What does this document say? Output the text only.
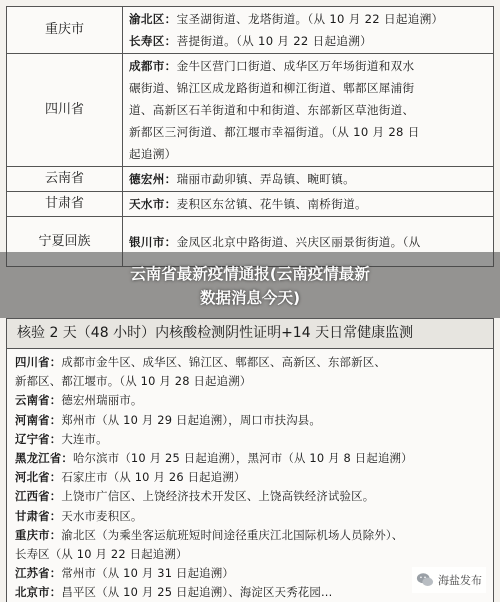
重庆市	渝北区：宝圣湖街道、龙塔街道。（从 10 月 22 日起追溯）
长寿区：菩提街道。（从 10 月 22 日起追溯）

四川省	成都市：金牛区营门口街道、成华区万年场街道和双水
碾街道、锦江区成龙路街道和柳江街道、郫都区犀浦街
道、高新区石羊街道和中和街道、东部新区草池街道、
新都区三河街道、都江堰市幸福街道。（从 10 月 28 日
起追溯）

云南省	德宏州：瑞丽市勐卯镇、弄岛镇、畹町镇。

甘肃省	天水市：麦积区东岔镇、花牛镇、南桥街道。

宁夏回族	银川市：金凤区北京中路街道、兴庆区丽景街街道。（从
核验 2 天（48 小时）内核酸检测阴性证明+14 天日常健康监测
四川省：成都市金牛区、成华区、锦江区、郫都区、高新区、东部新区、
新都区、都江堰市。（从 10 月 28 日起追溯）
云南省：德宏州瑞丽市。
河南省：郑州市（从 10 月 29 日起追溯），周口市扶沟县。
辽宁省：大连市。
黑龙江省：哈尔滨市（10 月 25 日起追溯），黑河市（从 10 月 8 日起追溯）
河北省：石家庄市（从 10 月 26 日起追溯）
江西省：上饶市广信区、上饶经济技术开发区、上饶高铁经济试验区。
甘肃省：天水市麦积区。
重庆市：渝北区（为乘坐客运航班短时间途径重庆江北国际机场人员除外）、
长寿区（从 10 月 22 日起追溯）
江苏省：常州市（从 10 月 31 日起追溯）
北京市：昌平区（从 10 月 25 日起追溯）、海淀区天秀花园...
云南省最新疫情通报(云南疫情最新
数据消息今天)
海盐发布
